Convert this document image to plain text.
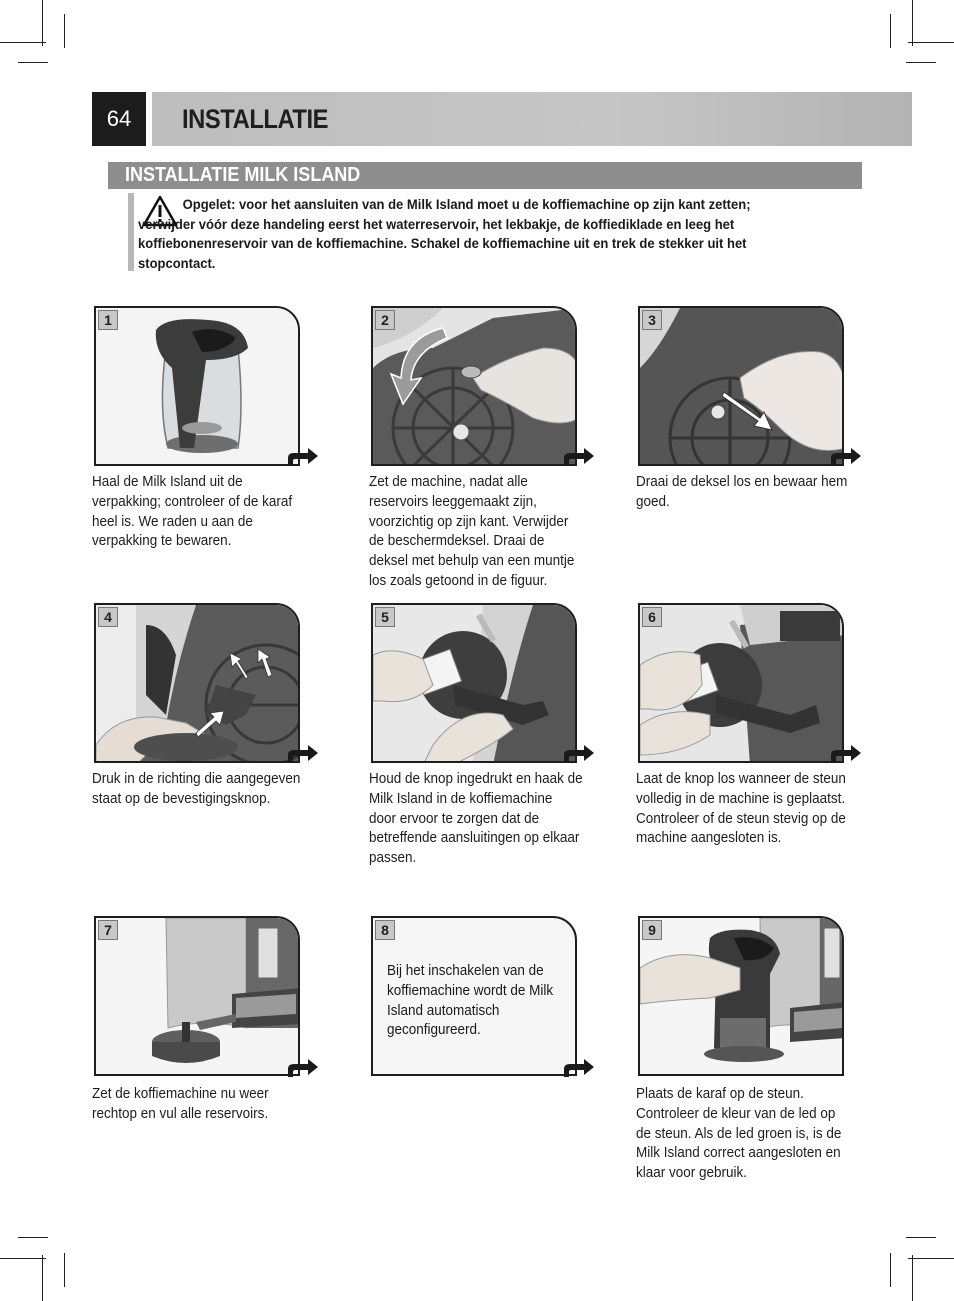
64	INSTALLATIE
INSTALLATIE MILK ISLAND
Opgelet: voor het aansluiten van de Milk Island moet u de koffiemachine op zijn kant zetten; verwijder vóór deze handeling eerst het waterreservoir, het lekbakje, de koffiediklade en leeg het koffiebonenreservoir van de koffiemachine. Schakel de koffiemachine uit en trek de stekker uit het stopcontact.
1
Haal de Milk Island uit de verpakking; controleer of de karaf heel is. We raden u aan de verpakking te bewaren.
2
Zet de machine, nadat alle reservoirs leeggemaakt zijn, voorzichtig op zijn kant. Verwijder de beschermdeksel. Draai de deksel met behulp van een muntje los zoals getoond in de figuur.
3
Draai de deksel los en bewaar hem goed.
4
Druk in de richting die aangegeven staat op de bevestigingsknop.
5
Houd de knop ingedrukt en haak de Milk Island in de koffiemachine door ervoor te zorgen dat de betreffende aansluitingen op elkaar passen.
6
Laat de knop los wanneer de steun volledig in de machine is geplaatst. Controleer of de steun stevig op de machine aangesloten is.
7
Zet de koffiemachine nu weer rechtop en vul alle reservoirs.
8
Bij het inschakelen van de koffiemachine wordt de Milk Island automatisch geconfigureerd.
9
Plaats de karaf op de steun. Controleer de kleur van de led op de steun. Als de led groen is, is de Milk Island correct aangesloten en klaar voor gebruik.
